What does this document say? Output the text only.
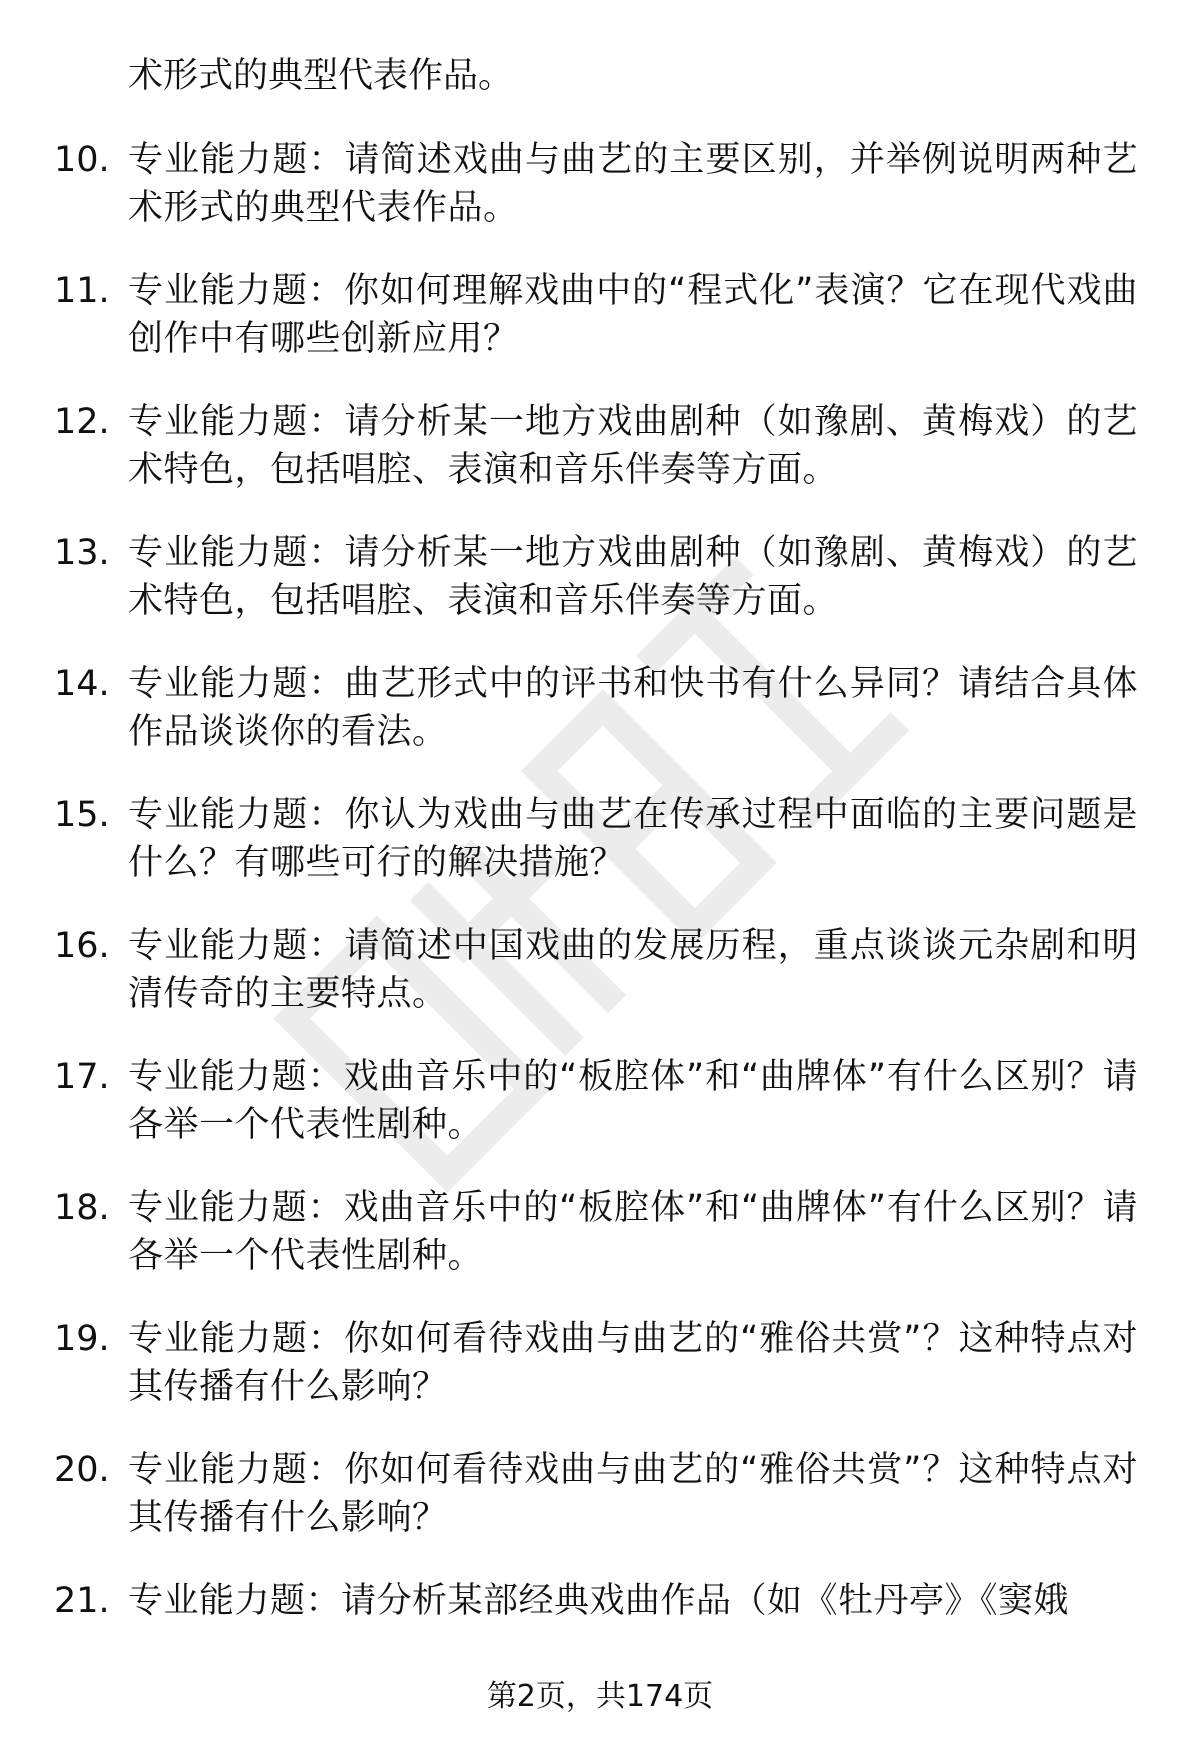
术形式的典型代表作品。
10. 专业能力题：请简述戏曲与曲艺的主要区别，并举例说明两种艺术形式的典型代表作品。
11. 专业能力题：你如何理解戏曲中的“程式化”表演？它在现代戏曲创作中有哪些创新应用？
12. 专业能力题：请分析某一地方戏曲剧种（如豫剧、黄梅戏）的艺术特色，包括唱腔、表演和音乐伴奏等方面。
13. 专业能力题：请分析某一地方戏曲剧种（如豫剧、黄梅戏）的艺术特色，包括唱腔、表演和音乐伴奏等方面。
14. 专业能力题：曲艺形式中的评书和快书有什么异同？请结合具体作品谈谈你的看法。
15. 专业能力题：你认为戏曲与曲艺在传承过程中面临的主要问题是什么？有哪些可行的解决措施？
16. 专业能力题：请简述中国戏曲的发展历程，重点谈谈元杂剧和明清传奇的主要特点。
17. 专业能力题：戏曲音乐中的“板腔体”和“曲牌体”有什么区别？请各举一个代表性剧种。
18. 专业能力题：戏曲音乐中的“板腔体”和“曲牌体”有什么区别？请各举一个代表性剧种。
19. 专业能力题：你如何看待戏曲与曲艺的“雅俗共赏”？这种特点对其传播有什么影响？
20. 专业能力题：你如何看待戏曲与曲艺的“雅俗共赏”？这种特点对其传播有什么影响？
21. 专业能力题：请分析某部经典戏曲作品（如《牡丹亭》《窦娥
第2页，共174页
